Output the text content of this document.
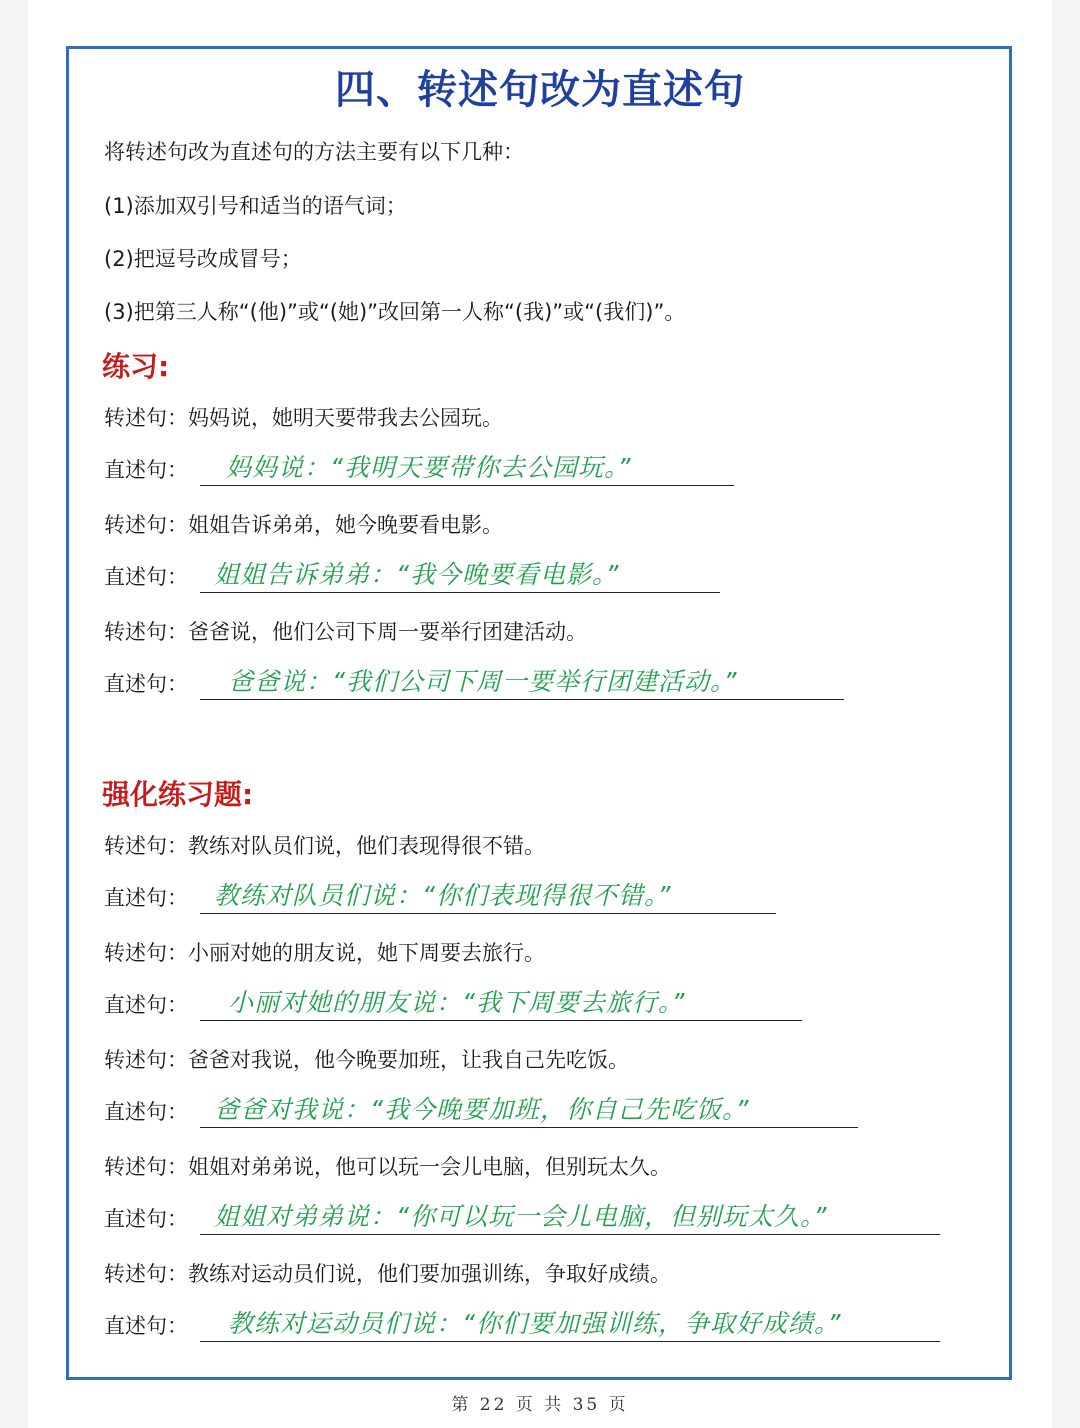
四、转述句改为直述句
将转述句改为直述句的方法主要有以下几种：
(1)添加双引号和适当的语气词；
(2)把逗号改成冒号；
(3)把第三人称“(他)”或“(她)”改回第一人称“(我)”或“(我们)”。
练习:
转述句：妈妈说，她明天要带我去公园玩。
直述句： 妈妈说：“我明天要带你去公园玩。”
转述句：姐姐告诉弟弟，她今晚要看电影。
直述句： 姐姐告诉弟弟：“我今晚要看电影。”
转述句：爸爸说，他们公司下周一要举行团建活动。
直述句： 爸爸说：“我们公司下周一要举行团建活动。”
强化练习题:
转述句：教练对队员们说，他们表现得很不错。
直述句： 教练对队员们说：“你们表现得很不错。”
转述句：小丽对她的朋友说，她下周要去旅行。
直述句： 小丽对她的朋友说：“我下周要去旅行。”
转述句：爸爸对我说，他今晚要加班，让我自己先吃饭。
直述句： 爸爸对我说：“我今晚要加班，你自己先吃饭。”
转述句：姐姐对弟弟说，他可以玩一会儿电脑，但别玩太久。
直述句： 姐姐对弟弟说：“你可以玩一会儿电脑，但别玩太久。”
转述句：教练对运动员们说，他们要加强训练，争取好成绩。
直述句： 教练对运动员们说：“你们要加强训练，争取好成绩。”
第 22 页 共 35 页
